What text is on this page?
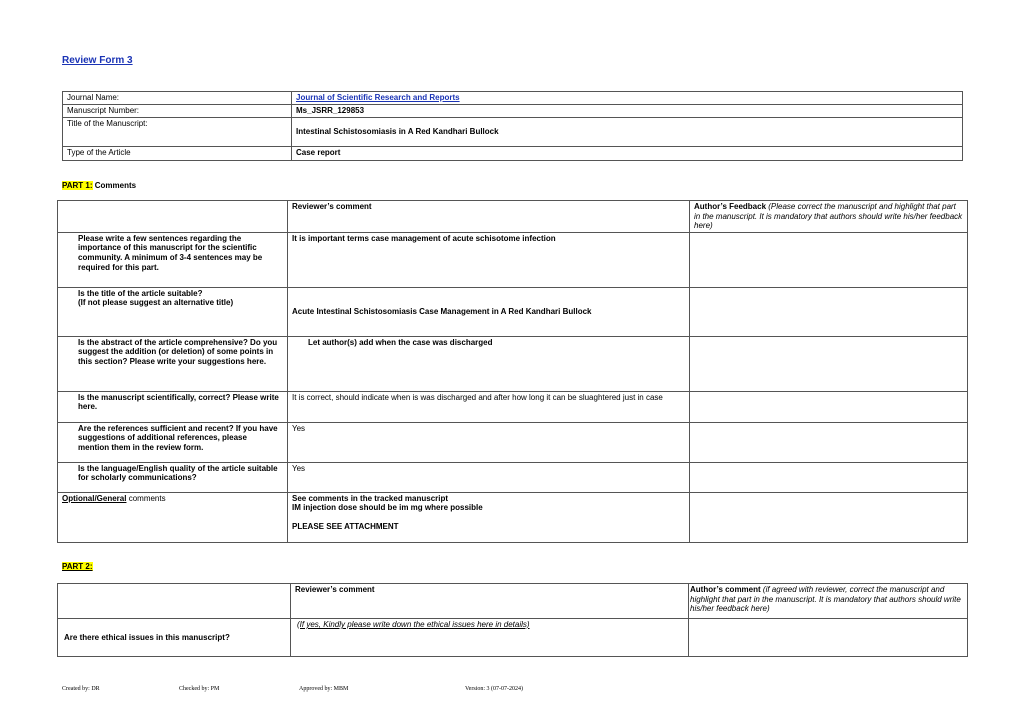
Review Form 3
Journal Name:	Journal of Scientific Research and Reports
Manuscript Number:	Ms_JSRR_129853
Title of the Manuscript:	Intestinal Schistosomiasis in A Red Kandhari Bullock
Type of the Article	Case report
PART 1: Comments
	Reviewer’s comment	Author’s Feedback (Please correct the manuscript and highlight that part in the manuscript. It is mandatory that authors should write his/her feedback here)
Please write a few sentences regarding the importance of this manuscript for the scientific community. A minimum of 3-4 sentences may be required for this part.	It is important terms case management of acute schisotome infection	
Is the title of the article suitable?
(If not please suggest an alternative title)	Acute Intestinal Schistosomiasis Case Management in A Red Kandhari Bullock	
Is the abstract of the article comprehensive? Do you suggest the addition (or deletion) of some points in this section? Please write your suggestions here.	Let author(s) add when the case was discharged	
Is the manuscript scientifically, correct? Please write here.	It is correct, should indicate when is was discharged and after how long it can be sluaghtered just in case	
Are the references sufficient and recent? If you have suggestions of additional references, please mention them in the review form.	Yes	
Is the language/English quality of the article suitable for scholarly communications?	Yes	
Optional/General comments	See comments in the tracked manuscript
IM injection dose should be im mg where possible
PLEASE SEE ATTACHMENT	

PART 2:
	Reviewer’s comment	Author’s comment (if agreed with reviewer, correct the manuscript and highlight that part in the manuscript. It is mandatory that authors should write his/her feedback here)
Are there ethical issues in this manuscript?	(If yes, Kindly please write down the ethical issues here in details)	
Created by: DR	Checked by: PM	Approved by: MBM	Version: 3 (07-07-2024)
